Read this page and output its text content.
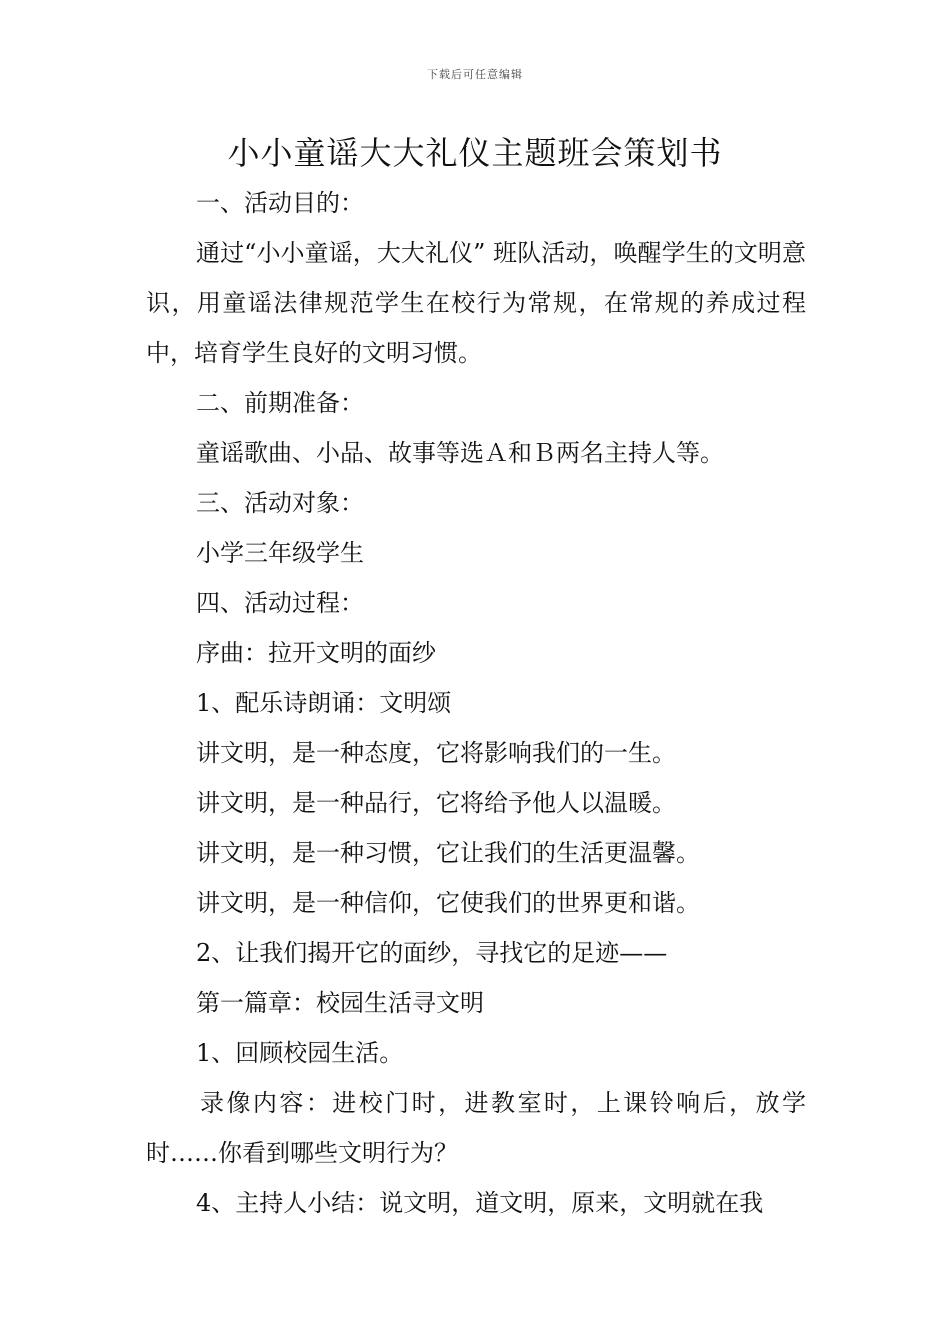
下载后可任意编辑
小小童谣大大礼仪主题班会策划书

一、活动目的：

通过“小小童谣，大大礼仪” 班队活动，唤醒学生的文明意识，用童谣法律规范学生在校行为常规，在常规的养成过程中，培育学生良好的文明习惯。

二、前期准备：

童谣歌曲、小品、故事等选Ａ和Ｂ两名主持人等。

三、活动对象：

小学三年级学生

四、活动过程：

序曲：拉开文明的面纱

1、配乐诗朗诵：文明颂

讲文明，是一种态度，它将影响我们的一生。

讲文明，是一种品行，它将给予他人以温暖。

讲文明，是一种习惯，它让我们的生活更温馨。

讲文明，是一种信仰，它使我们的世界更和谐。

2、让我们揭开它的面纱，寻找它的足迹——

第一篇章：校园生活寻文明

1、回顾校园生活。

录像内容：进校门时，进教室时，上课铃响后，放学时……你看到哪些文明行为？

4、主持人小结：说文明，道文明，原来，文明就在我
